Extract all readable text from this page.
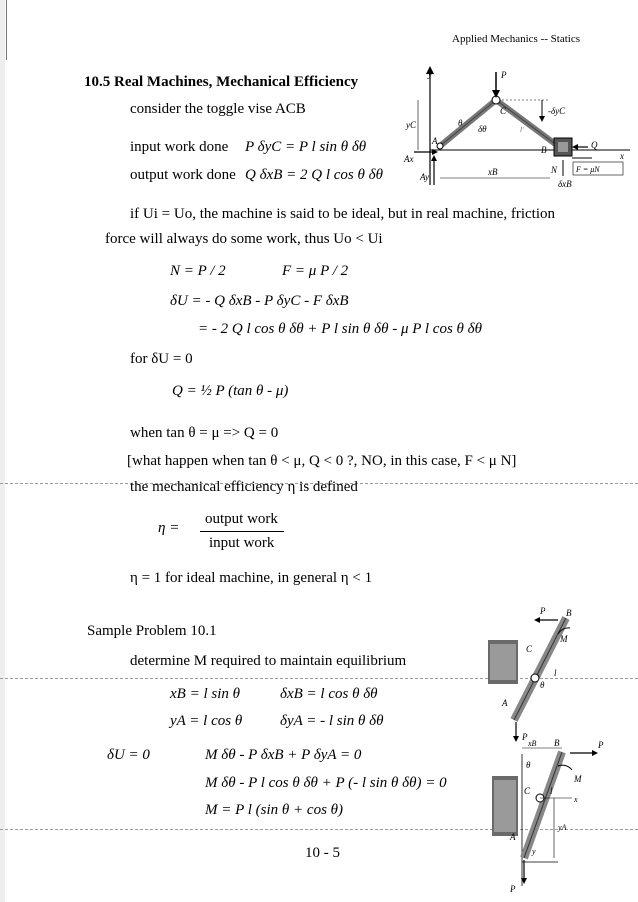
Applied Mechanics -- Statics
10.5 Real Machines, Mechanical Efficiency
consider the toggle vise ACB
input work done P δyC = P l sin θ δθ
output work done Q δxB = 2 Q l cos θ δθ
if Ui = Uo, the machine is said to be ideal, but in real machine, friction
force will always do some work, thus Uo < Ui
N = P / 2	F = μ P / 2
δU = - Q δxB - P δyC - F δxB
= - 2 Q l cos θ δθ + P l sin θ δθ - μ P l cos θ δθ
for δU = 0
Q = ½ P (tan θ - μ)
when tan θ = μ => Q = 0
[what happen when tan θ < μ, Q < 0 ?, NO, in this case, F < μ N]
the mechanical efficiency η is defined
η =
output work
input work
η = 1 for ideal machine, in general η < 1
Sample Problem 10.1
determine M required to maintain equilibrium
xB = l sin θ	δxB = l cos θ δθ
yA = l cos θ	δyA = - l sin θ δθ
δU = 0	M δθ - P δxB + P δyA = 0
M δθ - P l cos θ δθ + P (- l sin θ δθ) = 0
M = P l (sin θ + cos θ)
10 - 5
y
x
P
C
l'
-δyC
yC	θ
δθ
A
Ax
Ay
B	Q
N F = μN
xB
δxB
C
P B
M
θ
l
A
P
xB B	P
θ
M
C l
x
yA
A
y
P
